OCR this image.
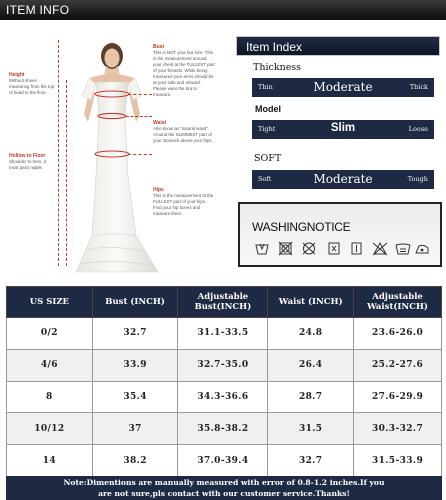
ITEM INFO
Height
Without shoes measuring from the top of head to the floor.
Hollow to Floor
Shoulder to hem, it must pass nipple.
Bust
This is NOT your bra size. This is the measurement around your chest at the FULLEST part of your breasts. While being measured your arms should be at your side and relaxed. Please wear the bra to measure.
Waist
Also know as "natural waist". Around the SLIMMEST part of your stomach above your hips.
Hips
This is the measurement at the FULLEST part of your hips. Find your hip bones and measure them.
Item Index
Thickness
Thin	Moderate	Thick
Model
Tight	Slim	Loose
SOFT
Soft	Moderate	Tough
WASHINGNOTICE
US SIZE	Bust (INCH)	Adjustable Bust(INCH)	Waist (INCH)	Adjustable Waist(INCH)
0/2	32.7	31.1-33.5	24.8	23.6-26.0
4/6	33.9	32.7-35.0	26.4	25.2-27.6
8	35.4	34.3-36.6	28.7	27.6-29.9
10/12	37	35.8-38.2	31.5	30.3-32.7
14	38.2	37.0-39.4	32.7	31.5-33.9
Note:Dimentions are manually measured with error of 0.8-1.2 inches.If you
are not sure,pls contact with our customer service.Thanks!
